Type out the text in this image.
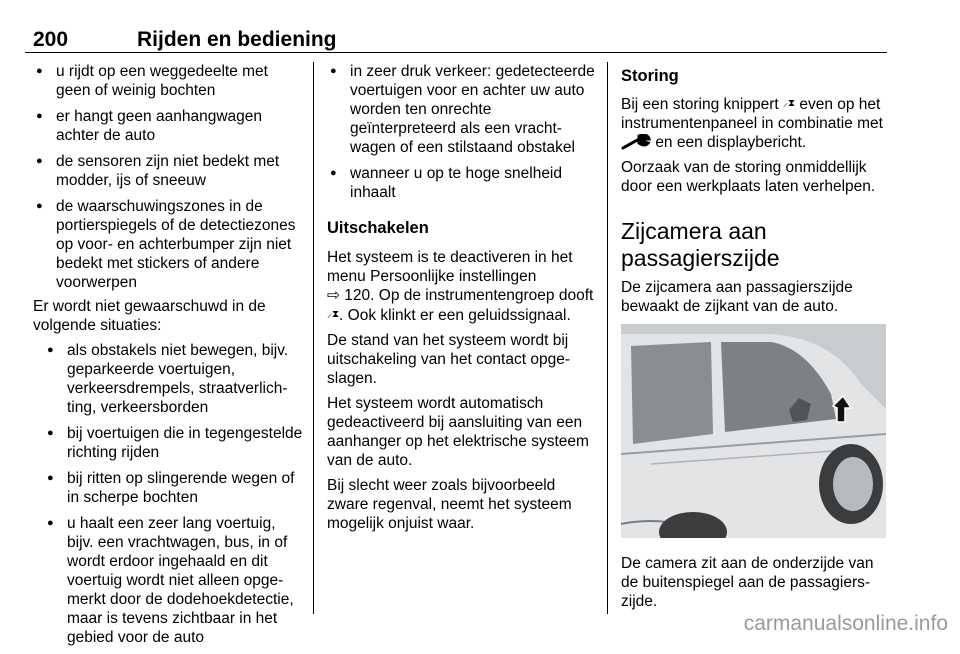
200	Rijden en bediening
● u rijdt op een weggedeelte met geen of weinig bochten
● er hangt geen aanhangwagen achter de auto
● de sensoren zijn niet bedekt met modder, ijs of sneeuw
● de waarschuwingszones in de portierspiegels of de detectiezones op voor- en achterbumper zijn niet bedekt met stickers of andere voorwerpen

Er wordt niet gewaarschuwd in de volgende situaties:

● als obstakels niet bewegen, bijv. geparkeerde voertuigen, verkeersdrempels, straatverlichting, verkeersborden
● bij voertuigen die in tegengestelde richting rijden
● bij ritten op slingerende wegen of in scherpe bochten
● u haalt een zeer lang voertuig, bijv. een vrachtwagen, bus, in of wordt erdoor ingehaald en dit voertuig wordt niet alleen opgemerkt door de dodehoekdetectie, maar is tevens zichtbaar in het gebied voor de auto
● in zeer druk verkeer: gedetecteerde voertuigen voor en achter uw auto worden ten onrechte geïnterpreteerd als een vrachtwagen of een stilstaand obstakel
● wanneer u op te hoge snelheid inhaalt
Uitschakelen

Het systeem is te deactiveren in het menu Persoonlijke instellingen
⇨ 120. Op de instrumentengroep dooft ⸝⧗. Ook klinkt er een geluidssignaal.

De stand van het systeem wordt bij uitschakeling van het contact opgeslagen.

Het systeem wordt automatisch gedeactiveerd bij aansluiting van een aanhanger op het elektrische systeem van de auto.

Bij slecht weer zoals bijvoorbeeld zware regenval, neemt het systeem mogelijk onjuist waar.

Storing

Bij een storing knippert ⸝⧗ even op het instrumentenpaneel in combinatie met  en een displaybericht.

Oorzaak van de storing onmiddellijk door een werkplaats laten verhelpen.

Zijcamera aan passagierszijde

De zijcamera aan passagierszijde bewaakt de zijkant van de auto.

De camera zit aan de onderzijde van de buitenspiegel aan de passagierszijde.

carmanualsonline.info
